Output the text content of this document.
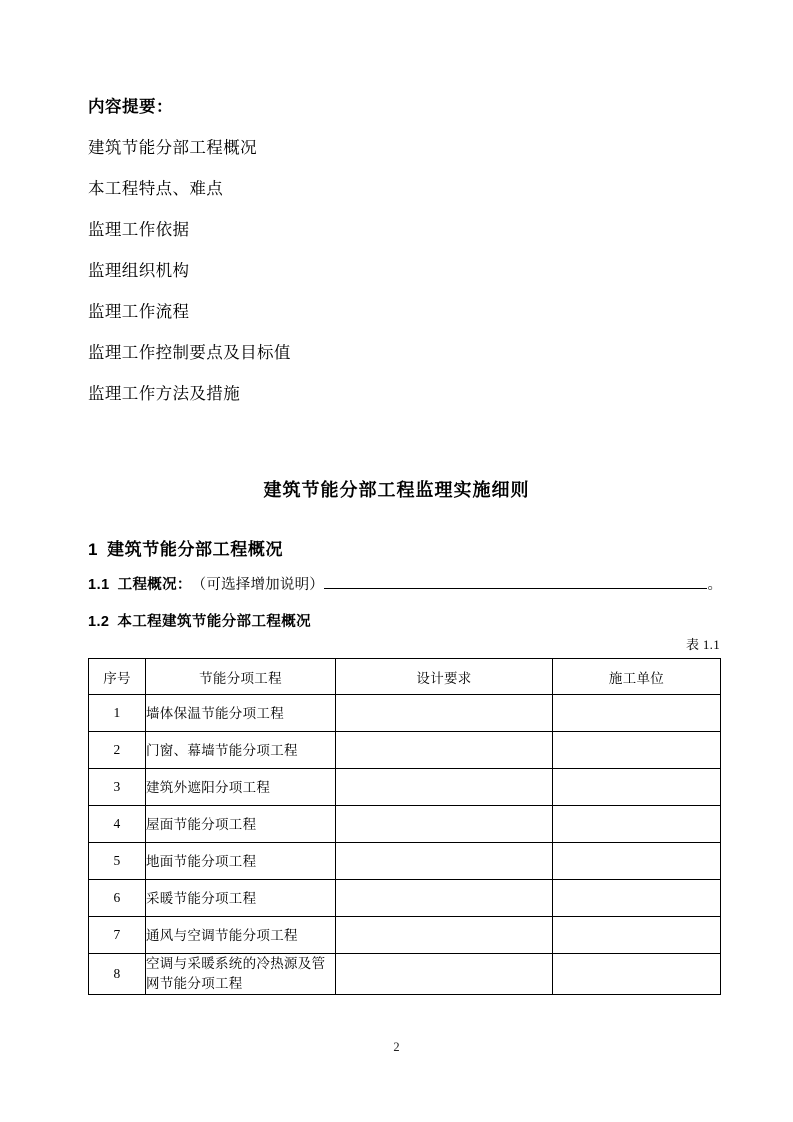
内容提要：
建筑节能分部工程概况
本工程特点、难点
监理工作依据
监理组织机构
监理工作流程
监理工作控制要点及目标值
监理工作方法及措施
建筑节能分部工程监理实施细则
1 建筑节能分部工程概况
1.1 工程概况： （可选择增加说明）	。
1.2 本工程建筑节能分部工程概况
表 1.1
序号	节能分项工程	设计要求	施工单位
1	墙体保温节能分项工程		
2	门窗、幕墙节能分项工程		
3	建筑外遮阳分项工程		
4	屋面节能分项工程		
5	地面节能分项工程		
6	采暖节能分项工程		
7	通风与空调节能分项工程		
8	空调与采暖系统的冷热源及管网节能分项工程		
2
